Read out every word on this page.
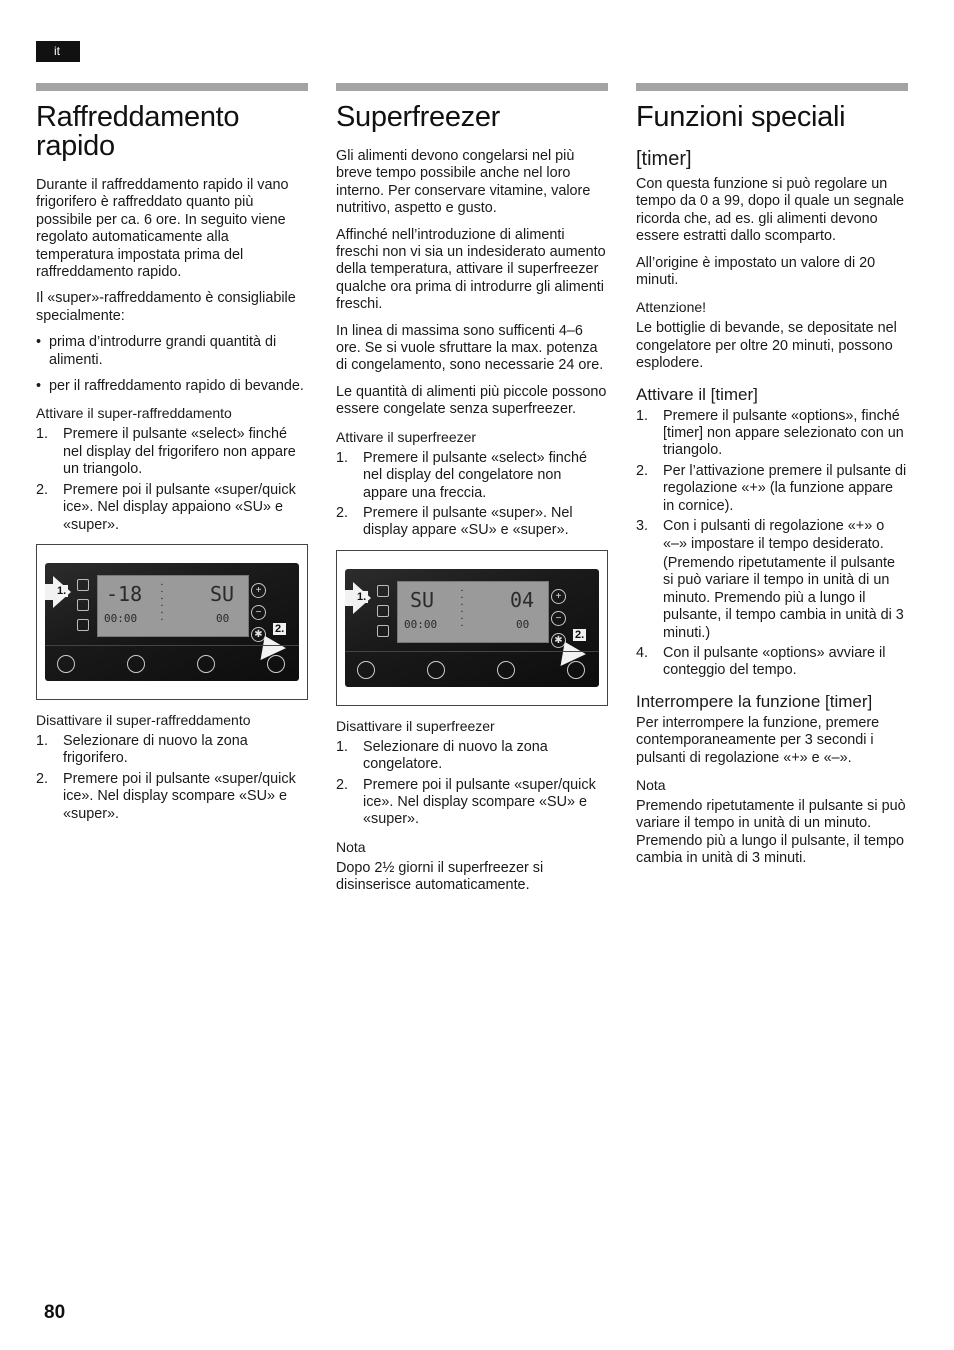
it
Raffreddamento rapido

Durante il raffreddamento rapido il vano frigorifero è raffreddato quanto più possibile per ca. 6 ore. In seguito viene regolato automaticamente alla temperatura impostata prima del raffreddamento rapido.

Il «super»-raffreddamento è consigliabile specialmente:

• prima d’introdurre grandi quantità di alimenti.
• per il raffreddamento rapido di bevande.
Attivare il super-raffreddamento
1. Premere il pulsante «select» finché nel display del frigorifero non appare un triangolo.
2. Premere poi il pulsante «super/quick ice». Nel display appaiono «SU» e «super».
1. -18
00:00
▪
▪
▪
▪
▪
▪
SU
00
+
−
✱	2.
Disattivare il super-raffreddamento
1. Selezionare di nuovo la zona frigorifero.
2. Premere poi il pulsante «super/quick ice». Nel display scompare «SU» e «super».
Superfreezer

Gli alimenti devono congelarsi nel più breve tempo possibile anche nel loro interno. Per conservare vitamine, valore nutritivo, aspetto e gusto.

Affinché nell’introduzione di alimenti freschi non vi sia un indesiderato aumento della temperatura, attivare il superfreezer qualche ora prima di introdurre gli alimenti freschi.

In linea di massima sono sufficenti 4–6 ore. Se si vuole sfruttare la max. potenza di congelamento, sono necessarie 24 ore.

Le quantità di alimenti più piccole possono essere congelate senza superfreezer.

Attivare il superfreezer
1. Premere il pulsante «select» finché nel display del congelatore non appare una freccia.
2. Premere il pulsante «super». Nel display appare «SU» e «super».
1. SU
00:00
▪
▪
▪
▪
▪
▪
04
00
+
−
✱	2.
Disattivare il superfreezer
1. Selezionare di nuovo la zona congelatore.
2. Premere poi il pulsante «super/quick ice». Nel display scompare «SU» e «super».
Nota

Dopo 2½ giorni il superfreezer si disinserisce automaticamente.

Funzioni speciali
[timer]

Con questa funzione si può regolare un tempo da 0 a 99, dopo il quale un segnale ricorda che, ad es. gli alimenti devono essere estratti dallo scomparto.

All’origine è impostato un valore di 20 minuti.

Attenzione!

Le bottiglie di bevande, se depositate nel congelatore per oltre 20 minuti, possono esplodere.

Attivare il [timer]
1. Premere il pulsante «options», finché [timer] non appare selezionato con un triangolo.
2. Per l’attivazione premere il pulsante di regolazione «+» (la funzione appare in cornice).
3. Con i pulsanti di regolazione «+» o «–» impostare il tempo desiderato.
(Premendo ripetutamente il pulsante si può variare il tempo in unità di un minuto. Premendo più a lungo il pulsante, il tempo cambia in unità di 3 minuti.)
4. Con il pulsante «options» avviare il conteggio del tempo.
Interrompere la funzione [timer]

Per interrompere la funzione, premere contemporaneamente per 3 secondi i pulsanti di regolazione «+» e «–».

Nota

Premendo ripetutamente il pulsante si può variare il tempo in unità di un minuto. Premendo più a lungo il pulsante, il tempo cambia in unità di 3 minuti.

80
